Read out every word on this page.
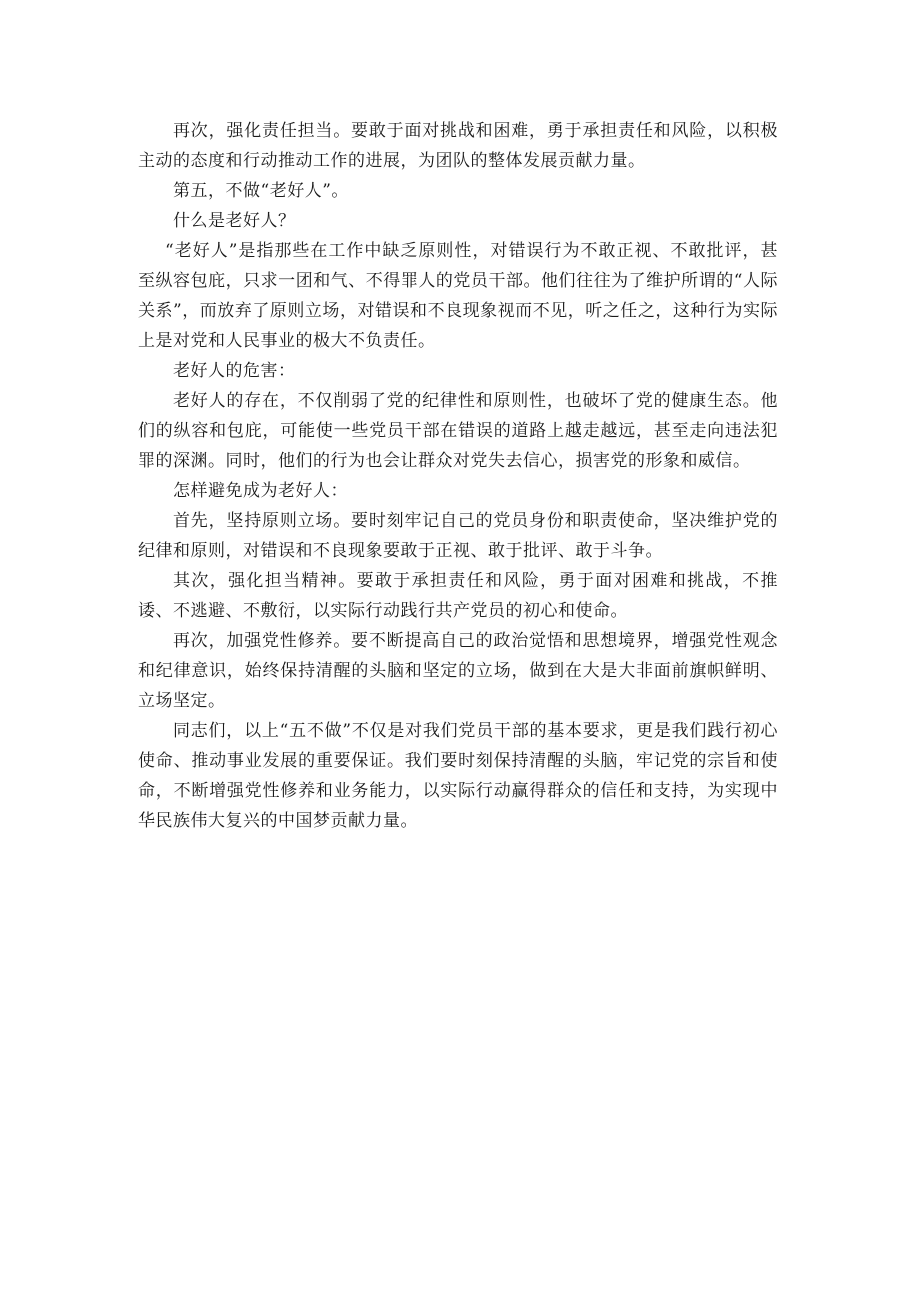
再次，强化责任担当。要敢于面对挑战和困难，勇于承担责任和风险，以积极主动的态度和行动推动工作的进展，为团队的整体发展贡献力量。

第五，不做“老好人”。

什么是老好人？

“老好人”是指那些在工作中缺乏原则性，对错误行为不敢正视、不敢批评，甚至纵容包庇，只求一团和气、不得罪人的党员干部。他们往往为了维护所谓的“人际关系”，而放弃了原则立场，对错误和不良现象视而不见，听之任之，这种行为实际上是对党和人民事业的极大不负责任。

老好人的危害：

老好人的存在，不仅削弱了党的纪律性和原则性，也破坏了党的健康生态。他们的纵容和包庇，可能使一些党员干部在错误的道路上越走越远，甚至走向违法犯罪的深渊。同时，他们的行为也会让群众对党失去信心，损害党的形象和威信。

怎样避免成为老好人：

首先，坚持原则立场。要时刻牢记自己的党员身份和职责使命，坚决维护党的纪律和原则，对错误和不良现象要敢于正视、敢于批评、敢于斗争。

其次，强化担当精神。要敢于承担责任和风险，勇于面对困难和挑战，不推诿、不逃避、不敷衍，以实际行动践行共产党员的初心和使命。

再次，加强党性修养。要不断提高自己的政治觉悟和思想境界，增强党性观念和纪律意识，始终保持清醒的头脑和坚定的立场，做到在大是大非面前旗帜鲜明、立场坚定。

同志们，以上“五不做”不仅是对我们党员干部的基本要求，更是我们践行初心使命、推动事业发展的重要保证。我们要时刻保持清醒的头脑，牢记党的宗旨和使命，不断增强党性修养和业务能力，以实际行动赢得群众的信任和支持，为实现中华民族伟大复兴的中国梦贡献力量。
